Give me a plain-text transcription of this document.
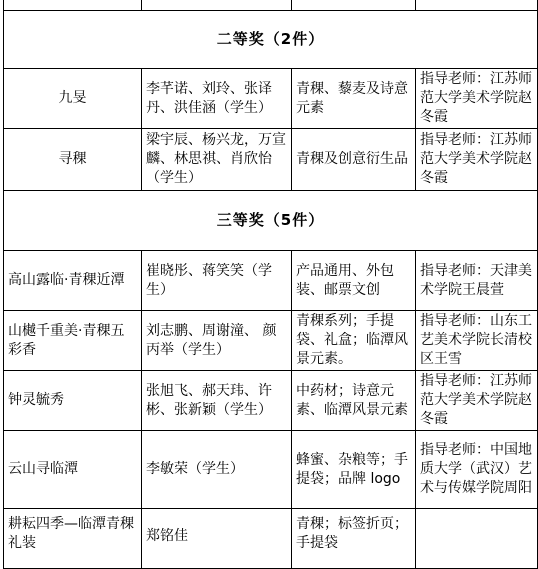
二等奖（2件）			
九旻	李芊诺、刘玲、张译丹、洪佳涵（学生）	青稞、藜麦及诗意元素	指导老师：江苏师范大学美术学院赵冬霞
寻稞	梁宇辰、杨兴龙，万宣麟、林思祺、肖欣怡（学生）	青稞及创意衍生品	指导老师：江苏师范大学美术学院赵冬霞
三等奖（5件）			
高山露临·青稞近潭	崔晓彤、蒋笑笑（学生）	产品通用、外包装、邮票文创	指导老师：天津美术学院王晨萱
山樾千重美·青稞五彩香	刘志鹏、周谢潼、 颜丙举（学生）	青稞系列；手提袋、礼盒；临潭风景元素。	指导老师：山东工艺美术学院长清校区王雪
钟灵毓秀	张旭飞、郝天玮、许彬、张新颖（学生）	中药材；诗意元素、临潭风景元素	指导老师：江苏师范大学美术学院赵冬霞
云山寻临潭	李敏荣（学生）	蜂蜜、杂粮等；手提袋；品牌 logo	指导老师：中国地质大学（武汉）艺术与传媒学院周阳
耕耘四季—临潭青稞礼装	郑铭佳	青稞；标签折页；手提袋	
